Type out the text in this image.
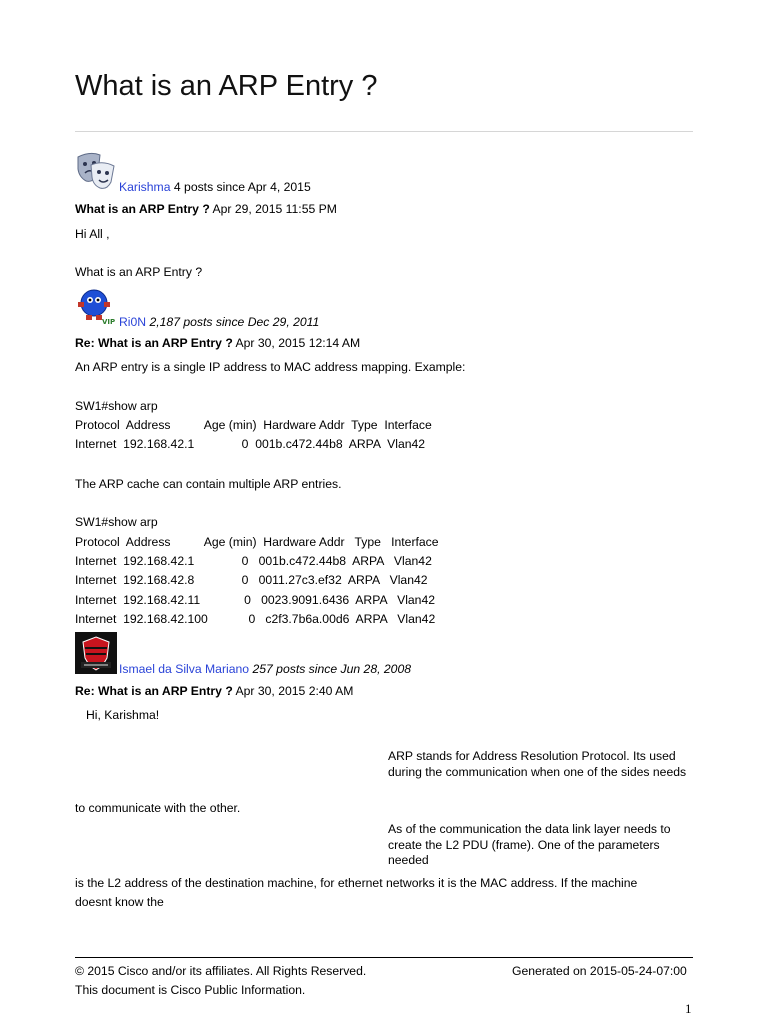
What is an ARP Entry ?
Karishma 4 posts since Apr 4, 2015
What is an ARP Entry ? Apr 29, 2015 11:55 PM
Hi All ,
What is an ARP Entry ?
VIP Ri0N 2,187 posts since Dec 29, 2011
Re: What is an ARP Entry ? Apr 30, 2015 12:14 AM
An ARP entry is a single IP address to MAC address mapping. Example:
SW1#show arp
Protocol  Address          Age (min)  Hardware Addr  Type  Interface
Internet  192.168.42.1              0  001b.c472.44b8  ARPA  Vlan42
The ARP cache can contain multiple ARP entries.
SW1#show arp
Protocol  Address          Age (min)  Hardware Addr   Type   Interface
Internet  192.168.42.1              0   001b.c472.44b8  ARPA   Vlan42
Internet  192.168.42.8              0   0011.27c3.ef32  ARPA   Vlan42
Internet  192.168.42.11             0   0023.9091.6436  ARPA   Vlan42
Internet  192.168.42.100            0   c2f3.7b6a.00d6  ARPA   Vlan42
Ismael da Silva Mariano 257 posts since Jun 28, 2008
Re: What is an ARP Entry ? Apr 30, 2015 2:40 AM
Hi, Karishma!
ARP stands for Address Resolution Protocol. Its used during the communication when one of the sides needs
to communicate with the other.
As of the communication the data link layer needs to create the L2 PDU (frame). One of the parameters needed
is the L2 address of the destination machine, for ethernet networks it is the MAC address. If the machine doesnt know the
© 2015 Cisco and/or its affiliates. All Rights Reserved.	Generated on 2015-05-24-07:00
This document is Cisco Public Information.
1
